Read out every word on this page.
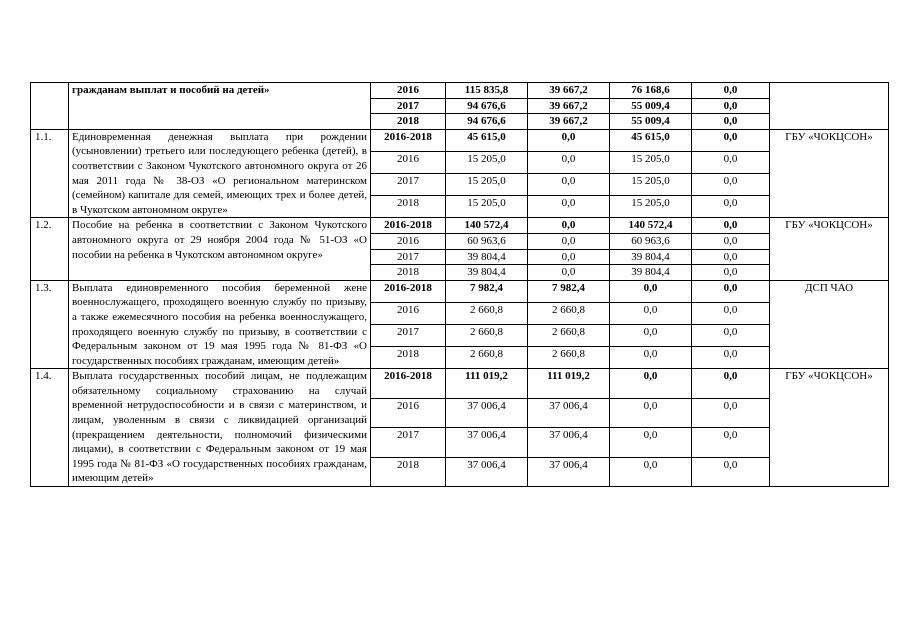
	гражданам выплат и пособий на детей»	2016	115 835,8	39 667,2	76 168,6	0,0	
		2017	94 676,6	39 667,2	55 009,4	0,0	
		2018	94 676,6	39 667,2	55 009,4	0,0	
1.1.	Единовременная денежная выплата при рождении (усыновлении) третьего или последующего ребенка (детей), в соответствии с Законом Чукотского автономного округа от 26 мая 2011 года № 38-ОЗ «О региональном материнском (семейном) капитале для семей, имеющих трех и более детей, в Чукотском автономном округе»	2016-2018	45 615,0	0,0	45 615,0	0,0	ГБУ «ЧОКЦСОН»
		2016	15 205,0	0,0	15 205,0	0,0	
		2017	15 205,0	0,0	15 205,0	0,0	
		2018	15 205,0	0,0	15 205,0	0,0	
1.2.	Пособие на ребенка в соответствии с Законом Чукотского автономного округа от 29 ноября 2004 года № 51-ОЗ «О пособии на ребенка в Чукотском автономном округе»	2016-2018	140 572,4	0,0	140 572,4	0,0	ГБУ «ЧОКЦСОН»
		2016	60 963,6	0,0	60 963,6	0,0	
		2017	39 804,4	0,0	39 804,4	0,0	
		2018	39 804,4	0,0	39 804,4	0,0	
1.3.	Выплата единовременного пособия беременной жене военнослужащего, проходящего военную службу по призыву, а также ежемесячного пособия на ребенка военнослужащего, проходящего военную службу по призыву, в соответствии с Федеральным законом от 19 мая 1995 года № 81-ФЗ «О государственных пособиях гражданам, имеющим детей»	2016-2018	7 982,4	7 982,4	0,0	0,0	ДСП ЧАО
		2016	2 660,8	2 660,8	0,0	0,0	
		2017	2 660,8	2 660,8	0,0	0,0	
		2018	2 660,8	2 660,8	0,0	0,0	
1.4.	Выплата государственных пособий лицам, не подлежащим обязательному социальному страхованию на случай временной нетрудоспособности и в связи с материнством, и лицам, уволенным в связи с ликвидацией организаций (прекращением деятельности, полномочий физическими лицами), в соответствии с Федеральным законом от 19 мая 1995 года № 81-ФЗ «О государственных пособиях гражданам, имеющим детей»	2016-2018	111 019,2	111 019,2	0,0	0,0	ГБУ «ЧОКЦСОН»
		2016	37 006,4	37 006,4	0,0	0,0	
		2017	37 006,4	37 006,4	0,0	0,0	
		2018	37 006,4	37 006,4	0,0	0,0	
